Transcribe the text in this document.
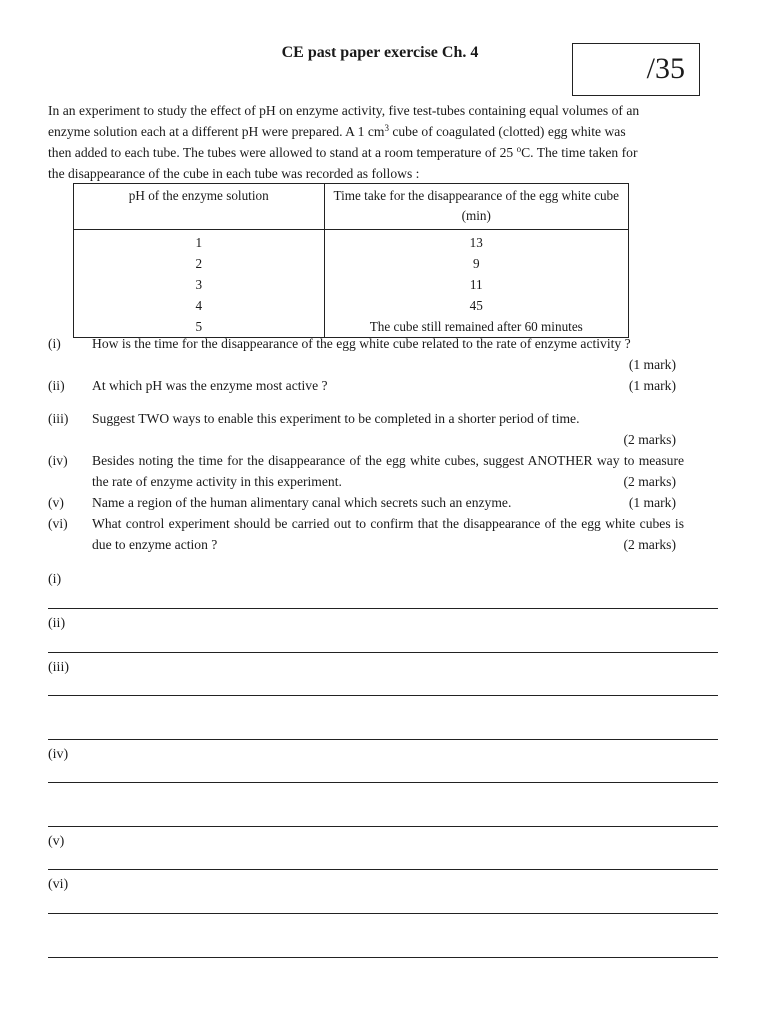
CE past paper exercise Ch. 4	/35
In an experiment to study the effect of pH on enzyme activity, five test-tubes containing equal volumes of an
enzyme solution each at a different pH were prepared. A 1 $cm^3$ cube of coagulated (clotted) egg white was
then added to each tube. The tubes were allowed to stand at a room temperature of 25 $^o$C. The time taken for
the disappearance of the cube in each tube was recorded as follows :
pH of the enzyme solution	Time take for the disappearance of the egg white cube (min)
1	13
2	9
3	11
4	45
5	The cube still remained after 60 minutes
(i) How is the time for the disappearance of the egg white cube related to the rate of enzyme activity ?
(1 mark)
(ii) At which pH was the enzyme most active ?	(1 mark)
(iii) Suggest TWO ways to enable this experiment to be completed in a shorter period of time.
(2 marks)
(iv) Besides noting the time for the disappearance of the egg white cubes, suggest ANOTHER way to measure the rate of enzyme activity in this experiment.	(2 marks)
(v) Name a region of the human alimentary canal which secrets such an enzyme.	(1 mark)
(vi) What control experiment should be carried out to confirm that the disappearance of the egg white cubes is due to enzyme action ?	(2 marks)
(i)
(ii)
(iii)
(iv)
(v)
(vi)
